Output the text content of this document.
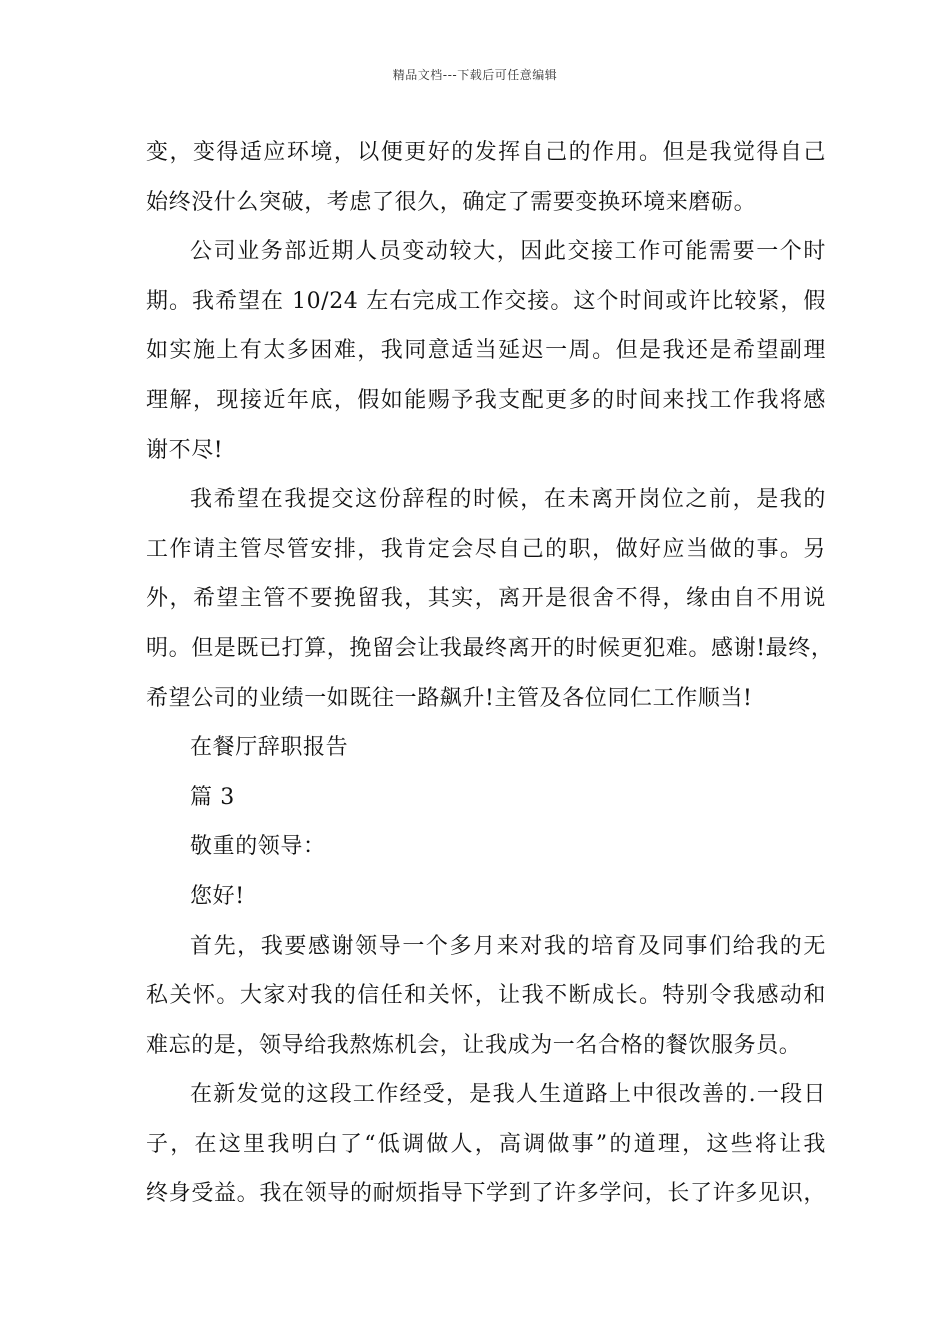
精品文档---下载后可任意编辑
变，变得适应环境，以便更好的发挥自己的作用。但是我觉得自己
始终没什么突破，考虑了很久，确定了需要变换环境来磨砺。
公司业务部近期人员变动较大，因此交接工作可能需要一个时
期。我希望在 10/24 左右完成工作交接。这个时间或许比较紧，假
如实施上有太多困难，我同意适当延迟一周。但是我还是希望副理
理解，现接近年底，假如能赐予我支配更多的时间来找工作我将感
谢不尽!
我希望在我提交这份辞程的时候，在未离开岗位之前，是我的
工作请主管尽管安排，我肯定会尽自己的职，做好应当做的事。另
外，希望主管不要挽留我，其实，离开是很舍不得，缘由自不用说
明。但是既已打算，挽留会让我最终离开的时候更犯难。感谢!最终，
希望公司的业绩一如既往一路飙升!主管及各位同仁工作顺当!
在餐厅辞职报告
篇 3
敬重的领导：
您好!
首先，我要感谢领导一个多月来对我的培育及同事们给我的无
私关怀。大家对我的信任和关怀，让我不断成长。特别令我感动和
难忘的是，领导给我熬炼机会，让我成为一名合格的餐饮服务员。
在新发觉的这段工作经受，是我人生道路上中很改善的.一段日
子，在这里我明白了“低调做人，高调做事”的道理，这些将让我
终身受益。我在领导的耐烦指导下学到了许多学问，长了许多见识，
